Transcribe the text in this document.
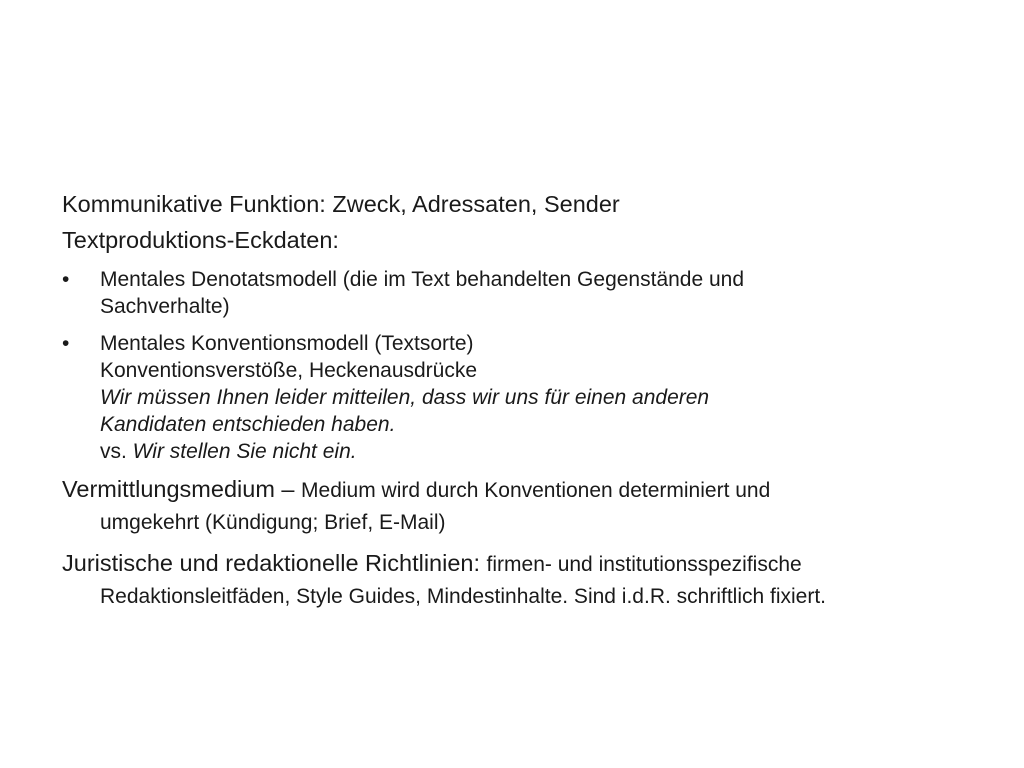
Kommunikative Funktion: Zweck, Adressaten, Sender

Textproduktions-Eckdaten:

• Mentales Denotatsmodell (die im Text behandelten Gegenstände und
Sachverhalte)
• Mentales Konventionsmodell (Textsorte)
Konventionsverstöße, Heckenausdrücke
Wir müssen Ihnen leider mitteilen, dass wir uns für einen anderen
Kandidaten entschieden haben.
vs. Wir stellen Sie nicht ein.
Vermittlungsmedium – Medium wird durch Konventionen determiniert und
umgekehrt (Kündigung; Brief, E-Mail)
Juristische und redaktionelle Richtlinien: firmen- und institutionsspezifische
Redaktionsleitfäden, Style Guides, Mindestinhalte. Sind i.d.R. schriftlich fixiert.
